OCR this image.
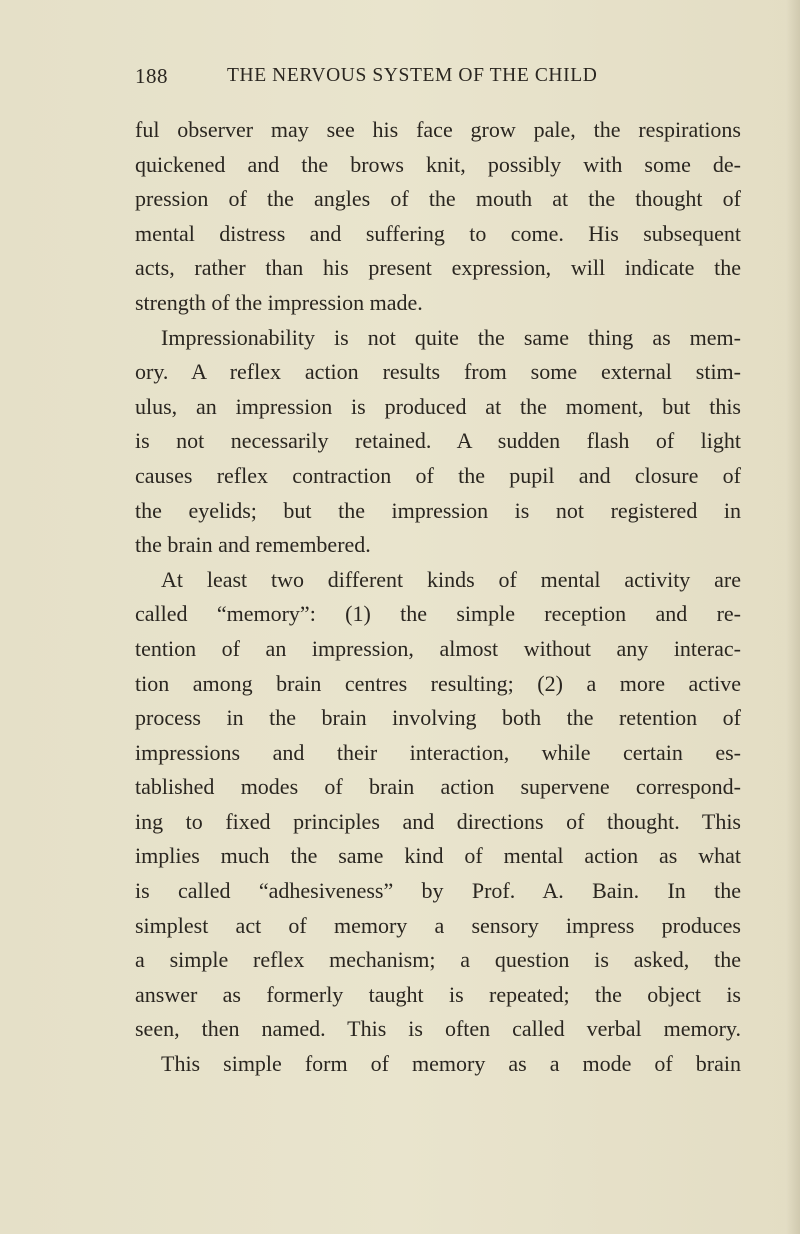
188	THE NERVOUS SYSTEM OF THE CHILD
ful observer may see his face grow pale, the respirations
quickened and the brows knit, possibly with some de-
pression of the angles of the mouth at the thought of
mental distress and suffering to come. His subsequent
acts, rather than his present expression, will indicate the
strength of the impression made.
Impressionability is not quite the same thing as mem-
ory. A reflex action results from some external stim-
ulus, an impression is produced at the moment, but this
is not necessarily retained. A sudden flash of light
causes reflex contraction of the pupil and closure of
the eyelids; but the impression is not registered in
the brain and remembered.
At least two different kinds of mental activity are
called “memory”: (1) the simple reception and re-
tention of an impression, almost without any interac-
tion among brain centres resulting; (2) a more active
process in the brain involving both the retention of
impressions and their interaction, while certain es-
tablished modes of brain action supervene correspond-
ing to fixed principles and directions of thought. This
implies much the same kind of mental action as what
is called “adhesiveness” by Prof. A. Bain. In the
simplest act of memory a sensory impress produces
a simple reflex mechanism; a question is asked, the
answer as formerly taught is repeated; the object is
seen, then named. This is often called verbal memory.
This simple form of memory as a mode of brain
